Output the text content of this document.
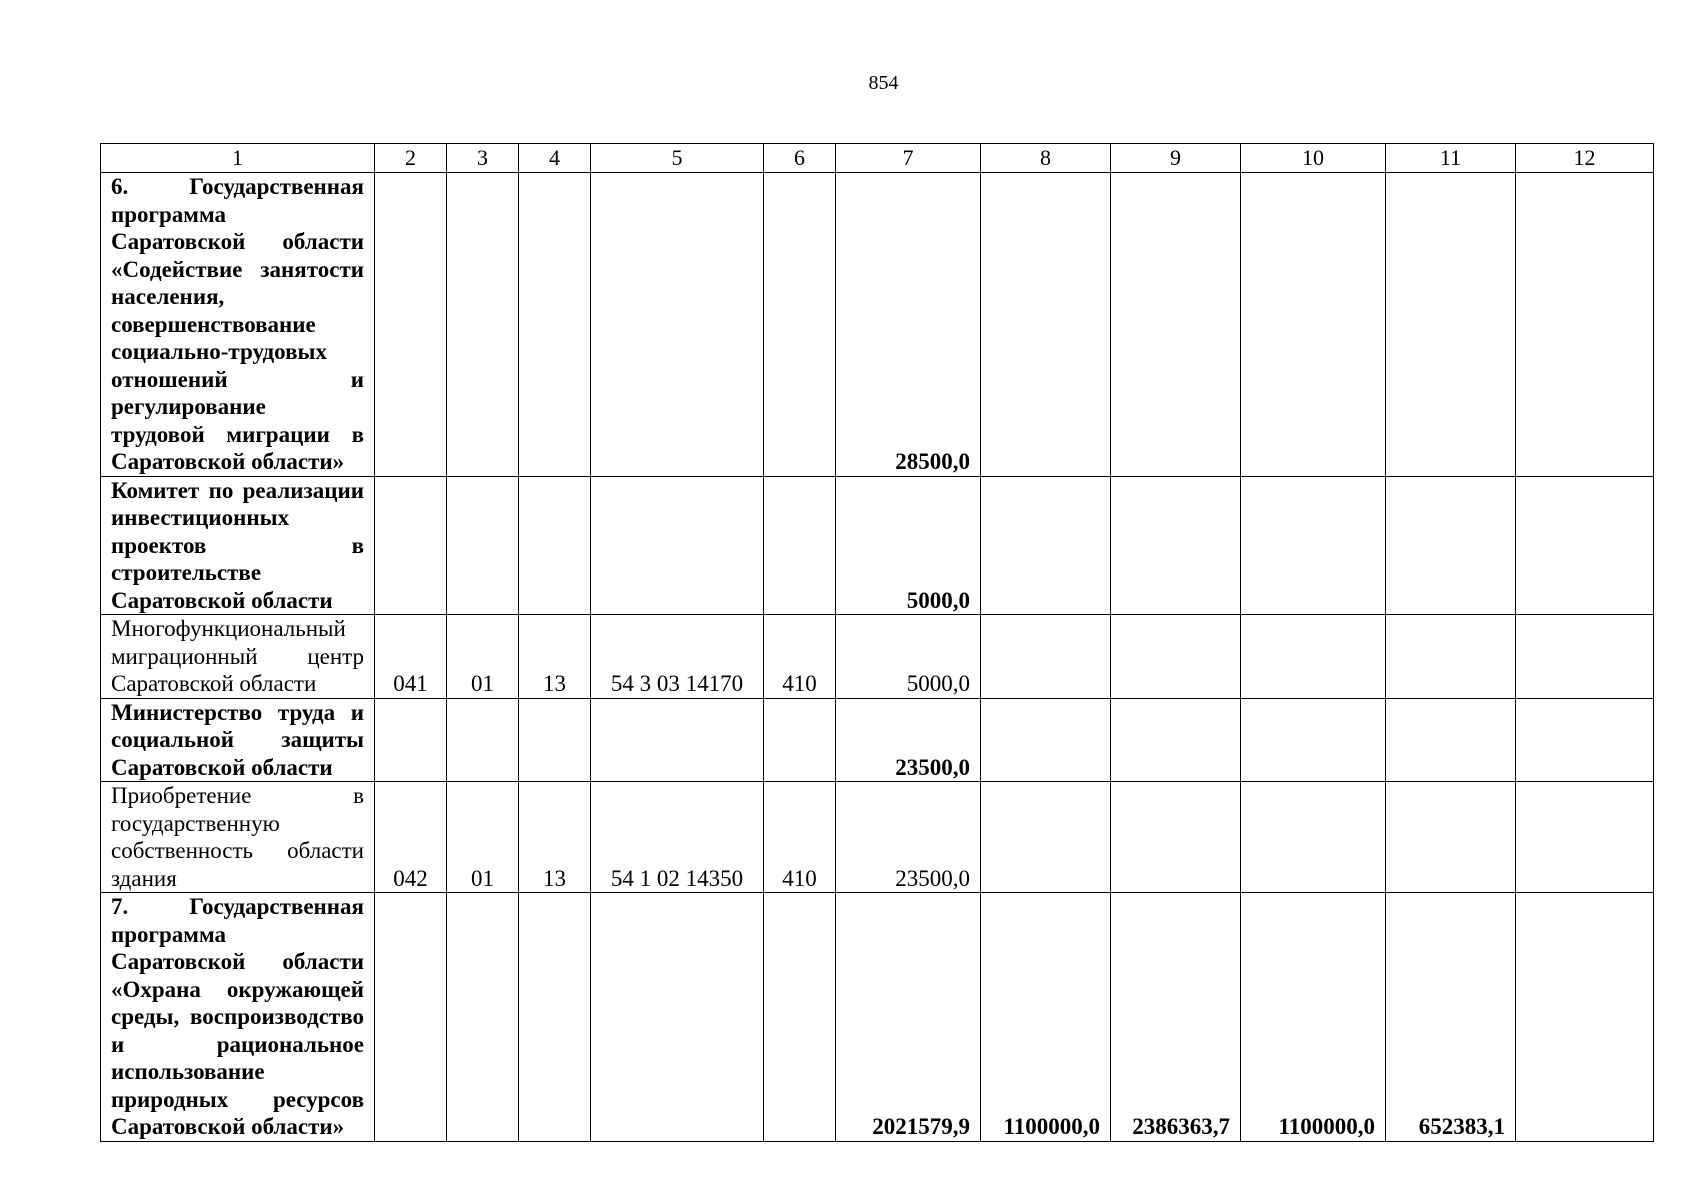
854
1	2	3	4	5	6	7	8	9	10	11	12
6. Государственная программа Саратовской области «Содействие занятости населения, совершенствование социально-трудовых отношений и регулирование трудовой миграции в Саратовской области»						28500,0					
Комитет по реализации инвестиционных проектов в строительстве Саратовской области						5000,0					
Многофункциональный миграционный центр Саратовской области	041	01	13	54 3 03 14170	410	5000,0					
Министерство труда и социальной защиты Саратовской области						23500,0					
Приобретение в государственную собственность области здания	042	01	13	54 1 02 14350	410	23500,0					
7. Государственная программа Саратовской области «Охрана окружающей среды, воспроизводство и рациональное использование природных ресурсов Саратовской области»						2021579,9	1100000,0	2386363,7	1100000,0	652383,1	
